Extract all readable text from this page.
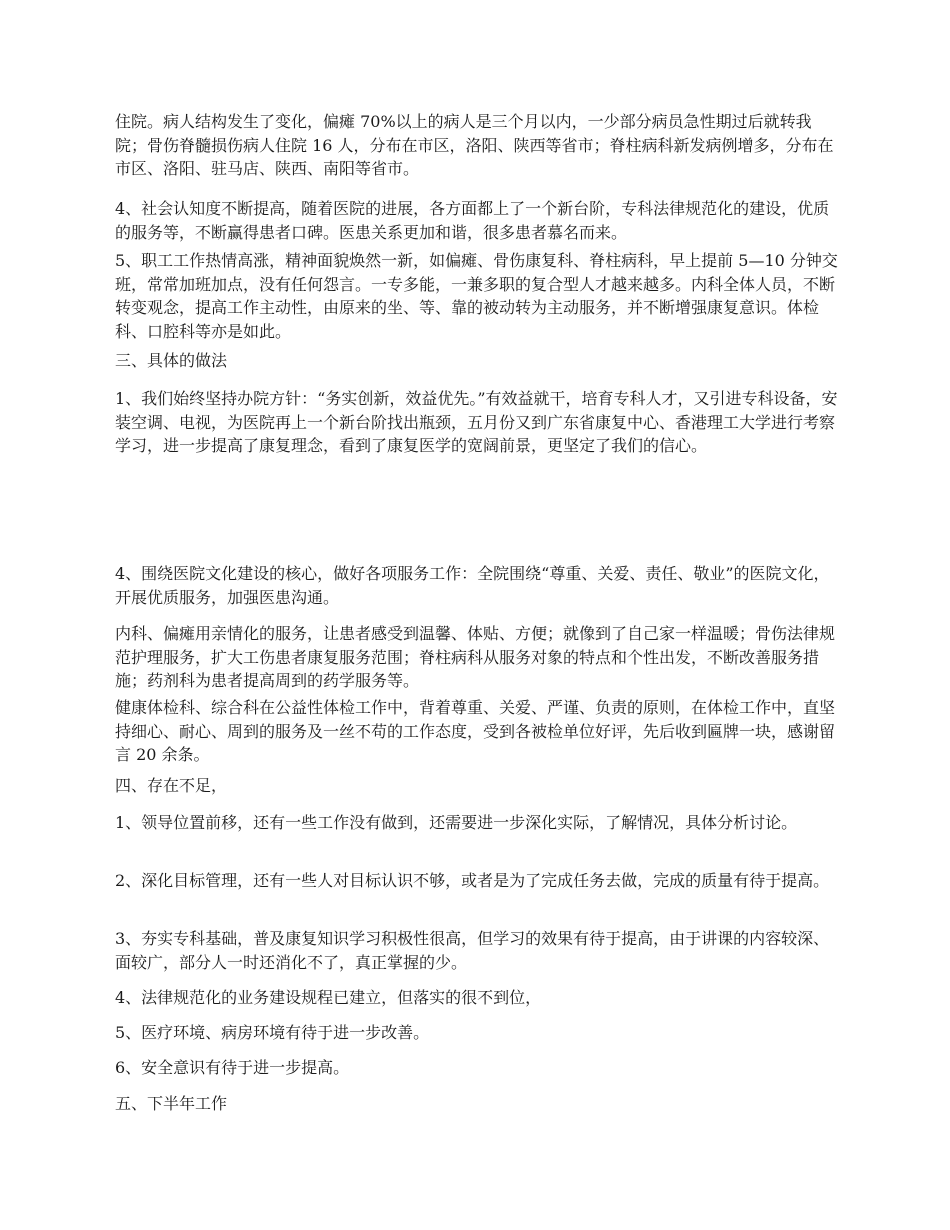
住院。病人结构发生了变化，偏瘫 70%以上的病人是三个月以内，一少部分病员急性期过后就转我院；骨伤脊髓损伤病人住院 16 人，分布在市区，洛阳、陕西等省市；脊柱病科新发病例增多，分布在市区、洛阳、驻马店、陕西、南阳等省市。

4、社会认知度不断提高，随着医院的进展，各方面都上了一个新台阶，专科法律规范化的建设，优质的服务等，不断赢得患者口碑。医患关系更加和谐，很多患者慕名而来。

5、职工工作热情高涨，精神面貌焕然一新，如偏瘫、骨伤康复科、脊柱病科，早上提前 5—10 分钟交班，常常加班加点，没有任何怨言。一专多能，一兼多职的复合型人才越来越多。内科全体人员，不断转变观念，提高工作主动性，由原来的坐、等、靠的被动转为主动服务，并不断增强康复意识。体检科、口腔科等亦是如此。

三、具体的做法

1、我们始终坚持办院方针：“务实创新，效益优先。”有效益就干，培育专科人才，又引进专科设备，安装空调、电视，为医院再上一个新台阶找出瓶颈，五月份又到广东省康复中心、香港理工大学进行考察学习，进一步提高了康复理念，看到了康复医学的宽阔前景，更坚定了我们的信心。

4、围绕医院文化建设的核心，做好各项服务工作：全院围绕“尊重、关爱、责任、敬业”的医院文化，开展优质服务，加强医患沟通。

内科、偏瘫用亲情化的服务，让患者感受到温馨、体贴、方便；就像到了自己家一样温暖；骨伤法律规范护理服务，扩大工伤患者康复服务范围；脊柱病科从服务对象的特点和个性出发，不断改善服务措施；药剂科为患者提高周到的药学服务等。

健康体检科、综合科在公益性体检工作中，背着尊重、关爱、严谨、负责的原则，在体检工作中，直坚持细心、耐心、周到的服务及一丝不苟的工作态度，受到各被检单位好评，先后收到匾牌一块，感谢留言 20 余条。

四、存在不足，

1、领导位置前移，还有一些工作没有做到，还需要进一步深化实际，了解情况，具体分析讨论。

2、深化目标管理，还有一些人对目标认识不够，或者是为了完成任务去做，完成的质量有待于提高。

3、夯实专科基础，普及康复知识学习积极性很高，但学习的效果有待于提高，由于讲课的内容较深、面较广，部分人一时还消化不了，真正掌握的少。

4、法律规范化的业务建设规程已建立，但落实的很不到位，

5、医疗环境、病房环境有待于进一步改善。

6、安全意识有待于进一步提高。

五、下半年工作
